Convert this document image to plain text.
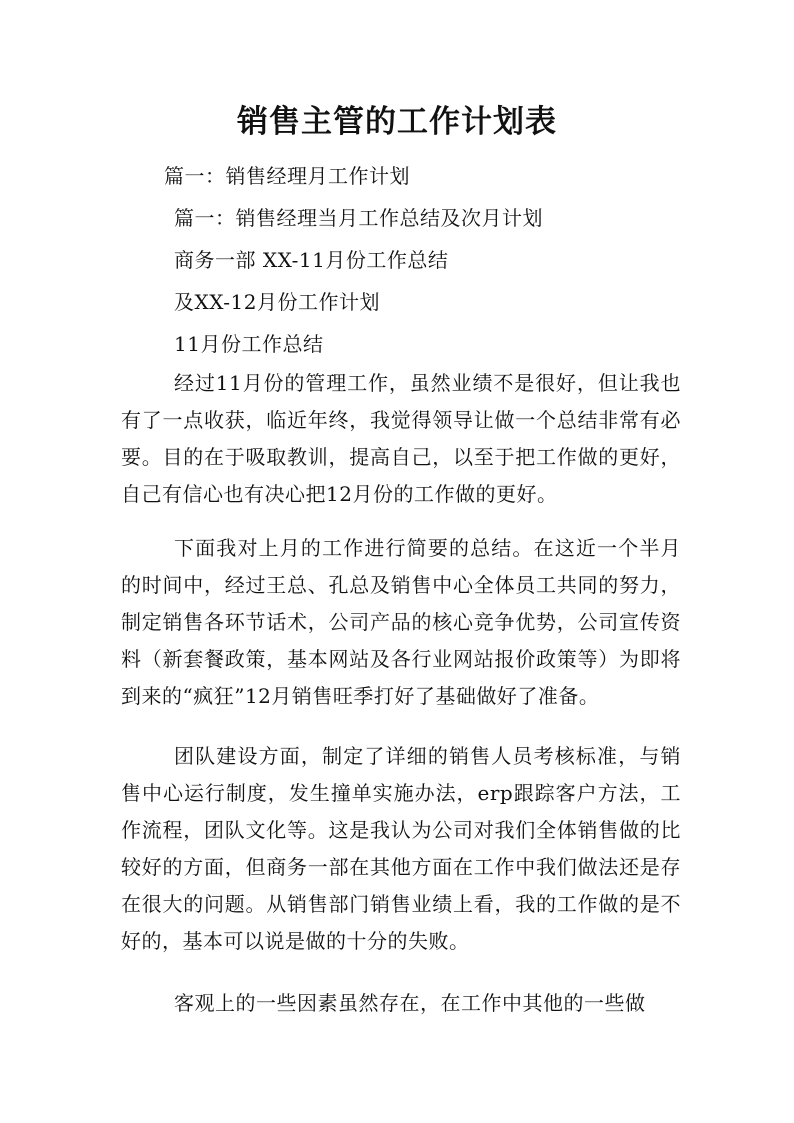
销售主管的工作计划表
篇一：销售经理月工作计划
篇一：销售经理当月工作总结及次月计划
商务一部 XX-11月份工作总结
及XX-12月份工作计划
11月份工作总结
经过11月份的管理工作，虽然业绩不是很好，但让我也有了一点收获，临近年终，我觉得领导让做一个总结非常有必要。目的在于吸取教训，提高自己，以至于把工作做的更好，自己有信心也有决心把12月份的工作做的更好。
下面我对上月的工作进行简要的总结。在这近一个半月的时间中，经过王总、孔总及销售中心全体员工共同的努力，制定销售各环节话术，公司产品的核心竞争优势，公司宣传资料（新套餐政策，基本网站及各行业网站报价政策等）为即将到来的“疯狂”12月销售旺季打好了基础做好了准备。
团队建设方面，制定了详细的销售人员考核标准，与销售中心运行制度，发生撞单实施办法，erp跟踪客户方法，工作流程，团队文化等。这是我认为公司对我们全体销售做的比较好的方面，但商务一部在其他方面在工作中我们做法还是存在很大的问题。从销售部门销售业绩上看，我的工作做的是不好的，基本可以说是做的十分的失败。
客观上的一些因素虽然存在，在工作中其他的一些做
